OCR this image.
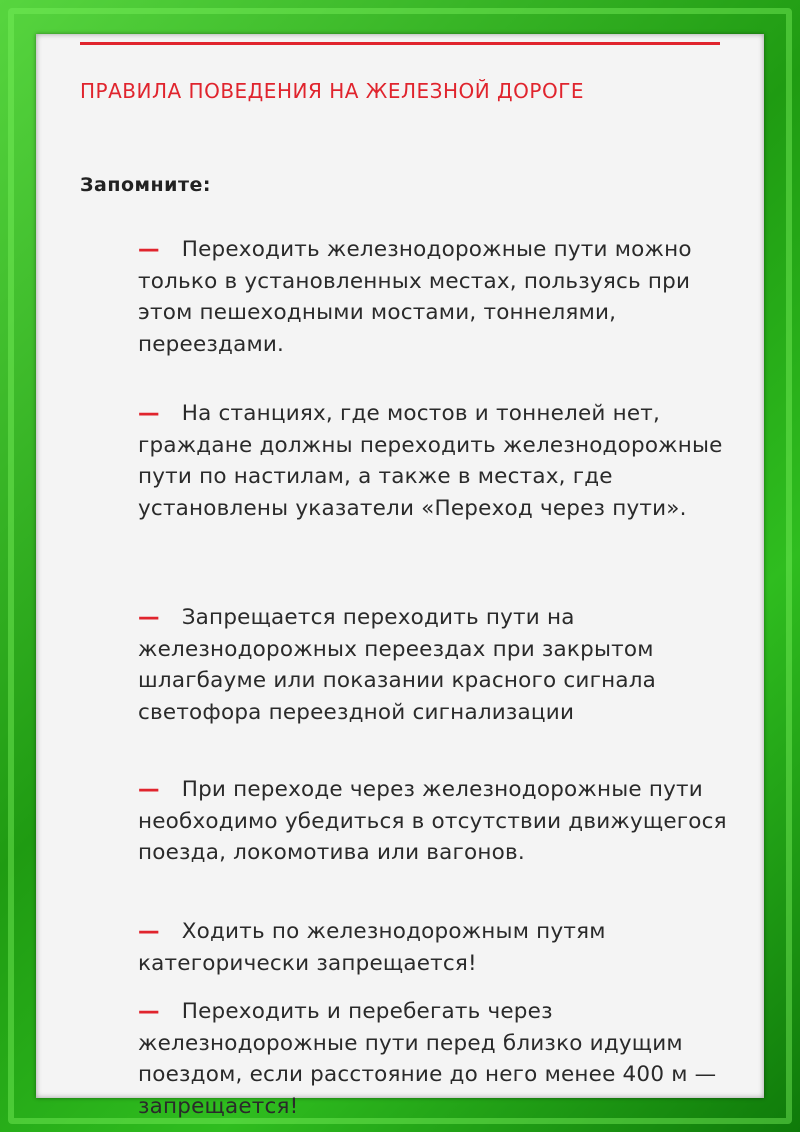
ПРАВИЛА ПОВЕДЕНИЯ НА ЖЕЛЕЗНОЙ ДОРОГЕ
Запомните:
— Переходить железнодорожные пути можно только в установленных местах, пользуясь при этом пешеходными мостами, тоннелями, переездами.
— На станциях, где мостов и тоннелей нет, граждане должны переходить железнодорожные пути по настилам, а также в местах, где установлены указатели «Переход через пути».
— Запрещается переходить пути на железнодорожных переездах при закрытом шлагбауме или показании красного сигнала светофора переездной сигнализации
— При переходе через железнодорожные пути необходимо убедиться в отсутствии движущегося поезда, локомотива или вагонов.
— Ходить по железнодорожным путям категорически запрещается!
— Переходить и перебегать через железнодорожные пути перед близко идущим поездом, если расстояние до него менее 400 м — запрещается!
